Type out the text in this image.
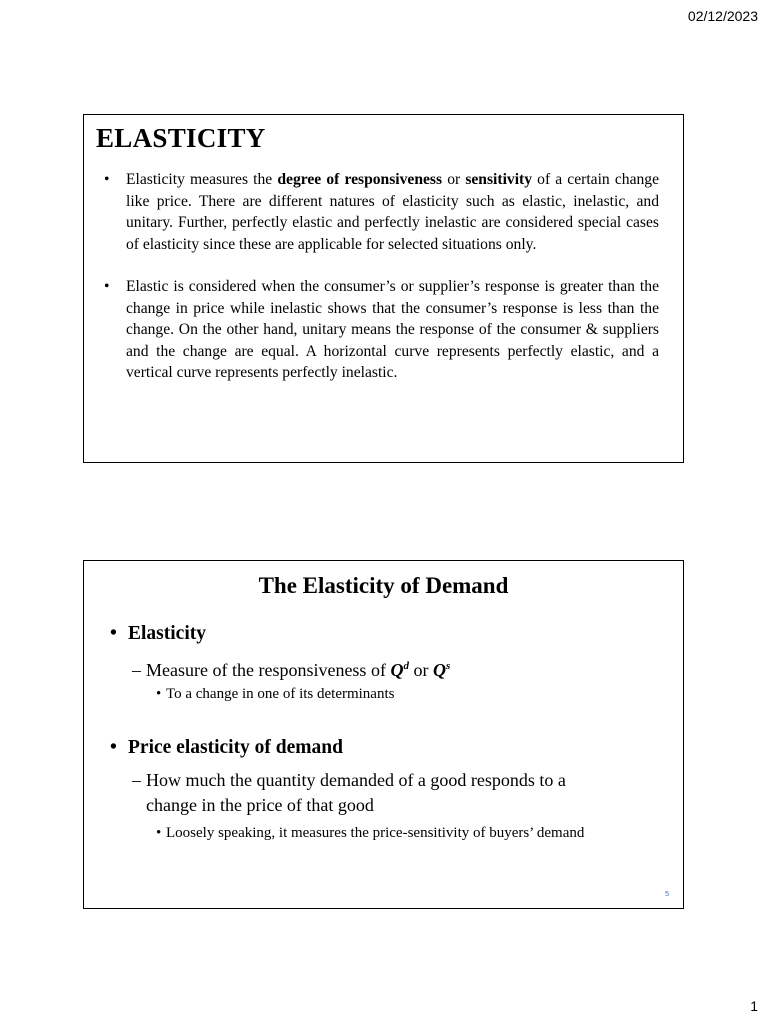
02/12/2023
ELASTICITY
• Elasticity measures the degree of responsiveness or sensitivity of a certain change like price. There are different natures of elasticity such as elastic, inelastic, and unitary. Further, perfectly elastic and perfectly inelastic are considered special cases of elasticity since these are applicable for selected situations only.
• Elastic is considered when the consumer’s or supplier’s response is greater than the change in price while inelastic shows that the consumer’s response is less than the change. On the other hand, unitary means the response of the consumer & suppliers and the change are equal. A horizontal curve represents perfectly elastic, and a vertical curve represents perfectly inelastic.
The Elasticity of Demand
• Elasticity
– Measure of the responsiveness of $Q^d$ or $Q^s$
• To a change in one of its determinants
• Price elasticity of demand
– How much the quantity demanded of a good responds to a
change in the price of that good
• Loosely speaking, it measures the price-sensitivity of buyers’ demand
5
1
